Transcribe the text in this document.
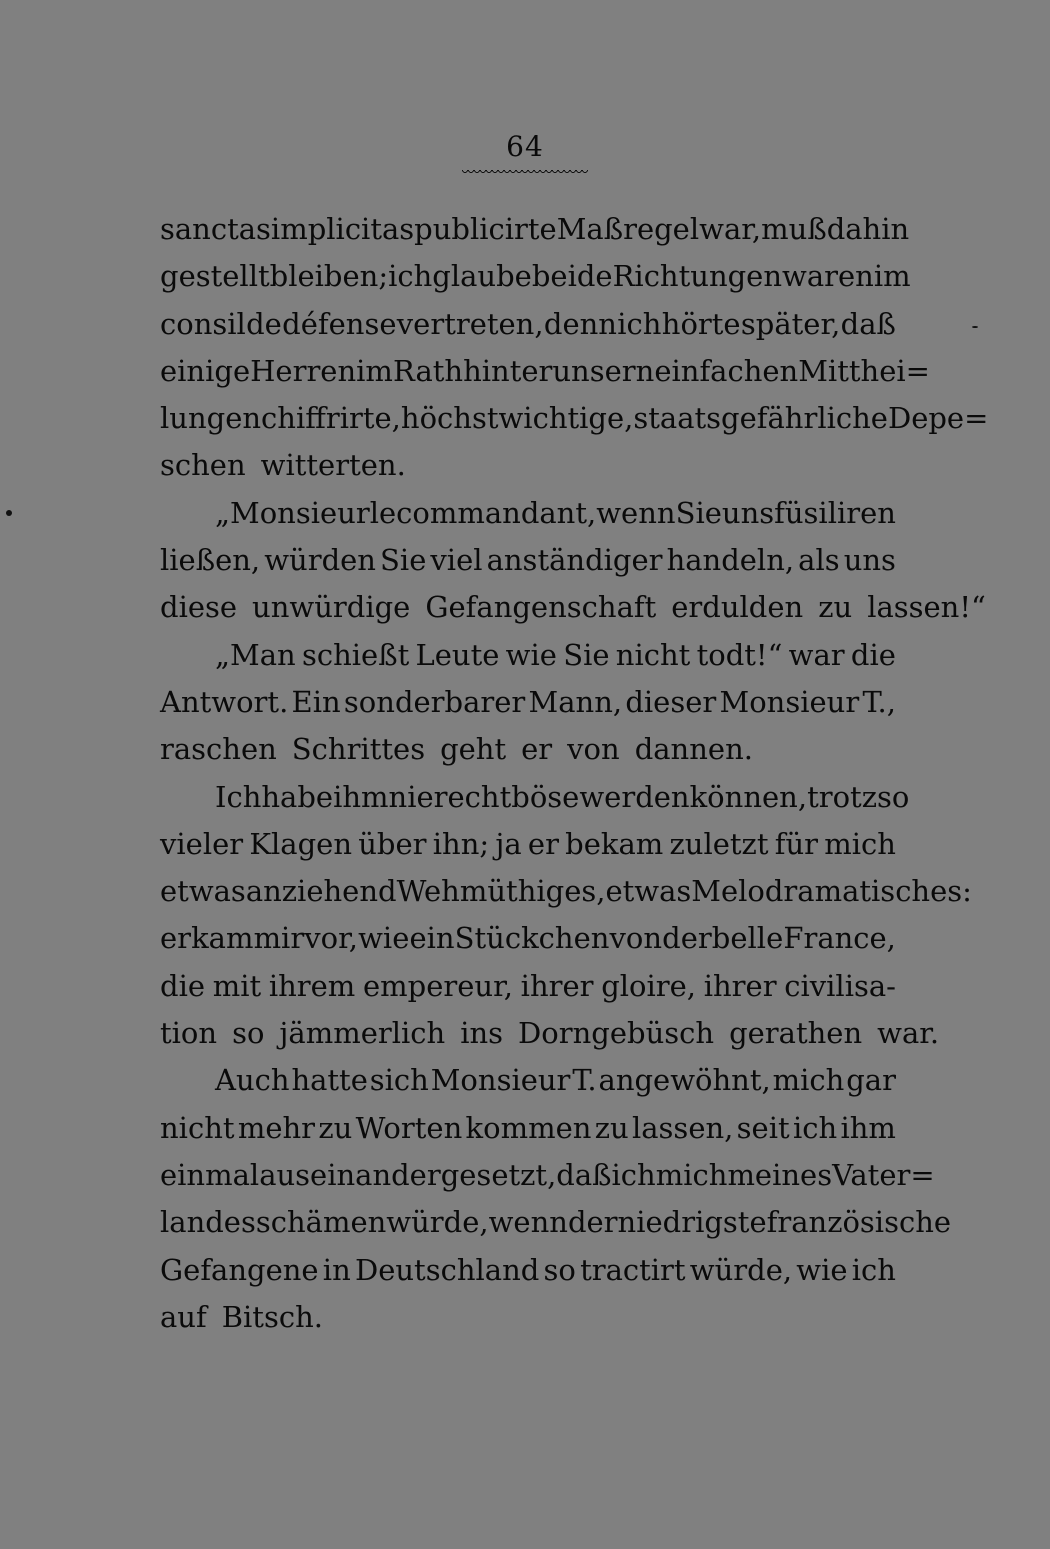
64
sancta simplicitas publicirte Maßregel war, muß dahin
gestellt bleiben; ich glaube beide Richtungen waren im
consil de défense vertreten, denn ich hörte später, daß
einige Herren im Rath hinter unsern einfachen Mitthei=
lungen chiffrirte, höchst wichtige, staatsgefährliche Depe=
schen witterten.
„Monsieur le commandant, wenn Sie uns füsiliren
ließen, würden Sie viel anständiger handeln, als uns
diese unwürdige Gefangenschaft erdulden zu lassen!“
„Man schießt Leute wie Sie nicht todt!“ war die
Antwort. Ein sonderbarer Mann, dieser Monsieur T.,
raschen Schrittes geht er von dannen.
Ich habe ihm nie recht böse werden können, trotz so
vieler Klagen über ihn; ja er bekam zuletzt für mich
etwas anziehend Wehmüthiges, etwas Melodramatisches:
er kam mir vor, wie ein Stückchen von der belle France,
die mit ihrem empereur, ihrer gloire, ihrer civilisa-
tion so jämmerlich ins Dorngebüsch gerathen war.
Auch hatte sich Monsieur T. angewöhnt, mich gar
nicht mehr zu Worten kommen zu lassen, seit ich ihm
einmal auseinandergesetzt, daß ich mich meines Vater=
landes schämen würde, wenn der niedrigste französische
Gefangene in Deutschland so tractirt würde, wie ich
auf Bitsch.
